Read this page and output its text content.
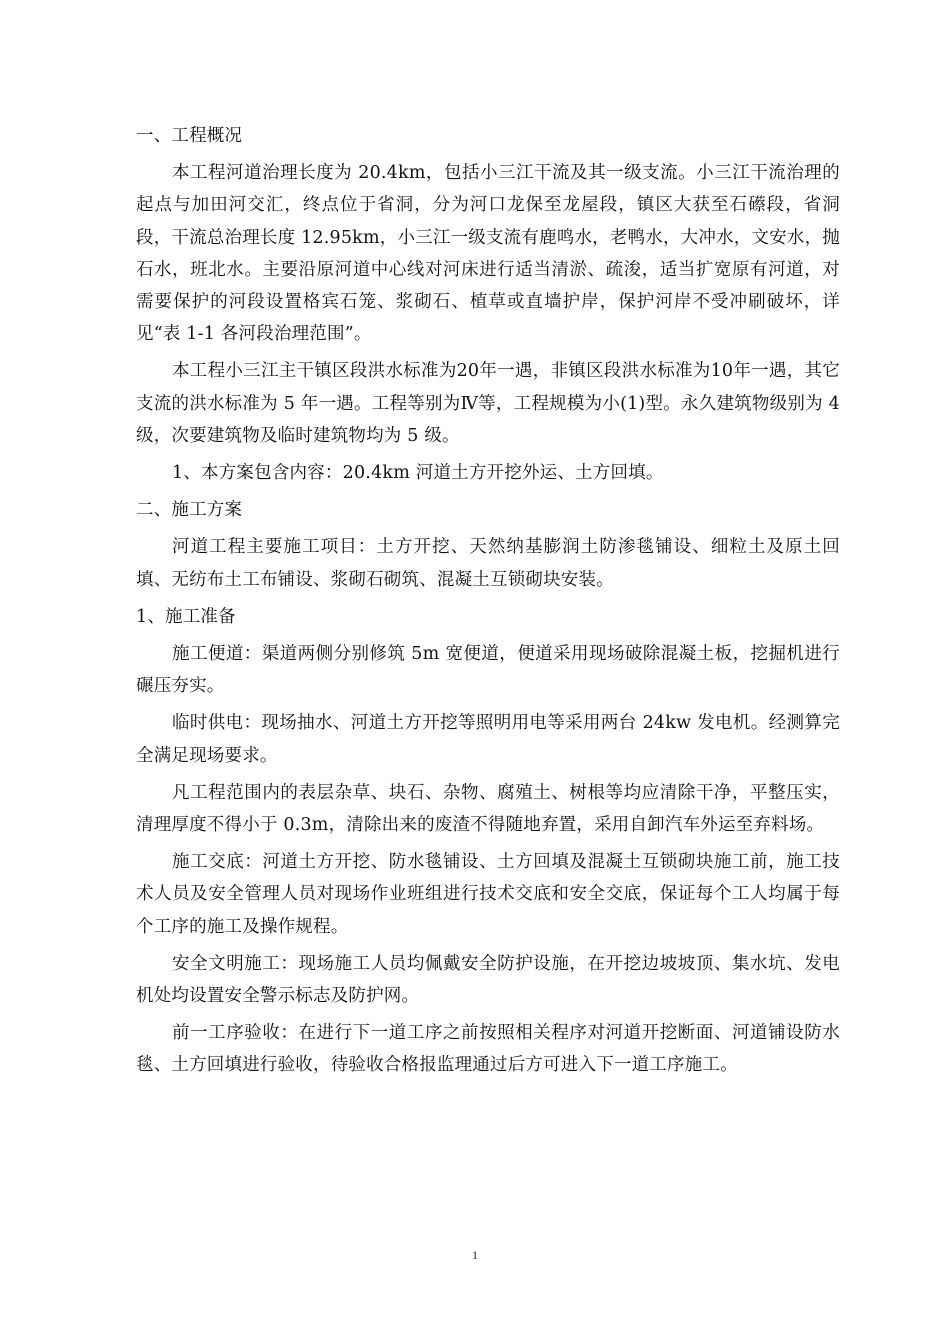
一、工程概况

本工程河道治理长度为 20.4km，包括小三江干流及其一级支流。小三江干流治理的起点与加田河交汇，终点位于省洞，分为河口龙保至龙屋段，镇区大获至石礤段，省洞段，干流总治理长度 12.95km，小三江一级支流有鹿鸣水，老鸭水，大冲水，文安水，抛石水，班北水。主要沿原河道中心线对河床进行适当清淤、疏浚，适当扩宽原有河道，对需要保护的河段设置格宾石笼、浆砌石、植草或直墙护岸，保护河岸不受冲刷破坏，详见“表 1-1 各河段治理范围”。

本工程小三江主干镇区段洪水标准为20年一遇，非镇区段洪水标准为10年一遇，其它支流的洪水标准为 5 年一遇。工程等别为Ⅳ等，工程规模为小(1)型。永久建筑物级别为 4 级，次要建筑物及临时建筑物均为 5 级。

1、本方案包含内容：20.4km 河道土方开挖外运、土方回填。

二、施工方案

河道工程主要施工项目：土方开挖、天然纳基膨润土防渗毯铺设、细粒土及原土回填、无纺布土工布铺设、浆砌石砌筑、混凝土互锁砌块安装。

1、施工准备

施工便道：渠道两侧分别修筑 5m 宽便道，便道采用现场破除混凝土板，挖掘机进行碾压夯实。

临时供电：现场抽水、河道土方开挖等照明用电等采用两台 24kw 发电机。经测算完全满足现场要求。

凡工程范围内的表层杂草、块石、杂物、腐殖土、树根等均应清除干净，平整压实，清理厚度不得小于 0.3m，清除出来的废渣不得随地弃置，采用自卸汽车外运至弃料场。

施工交底：河道土方开挖、防水毯铺设、土方回填及混凝土互锁砌块施工前，施工技术人员及安全管理人员对现场作业班组进行技术交底和安全交底，保证每个工人均属于每个工序的施工及操作规程。

安全文明施工：现场施工人员均佩戴安全防护设施，在开挖边坡坡顶、集水坑、发电机处均设置安全警示标志及防护网。

前一工序验收：在进行下一道工序之前按照相关程序对河道开挖断面、河道铺设防水毯、土方回填进行验收，待验收合格报监理通过后方可进入下一道工序施工。

1
